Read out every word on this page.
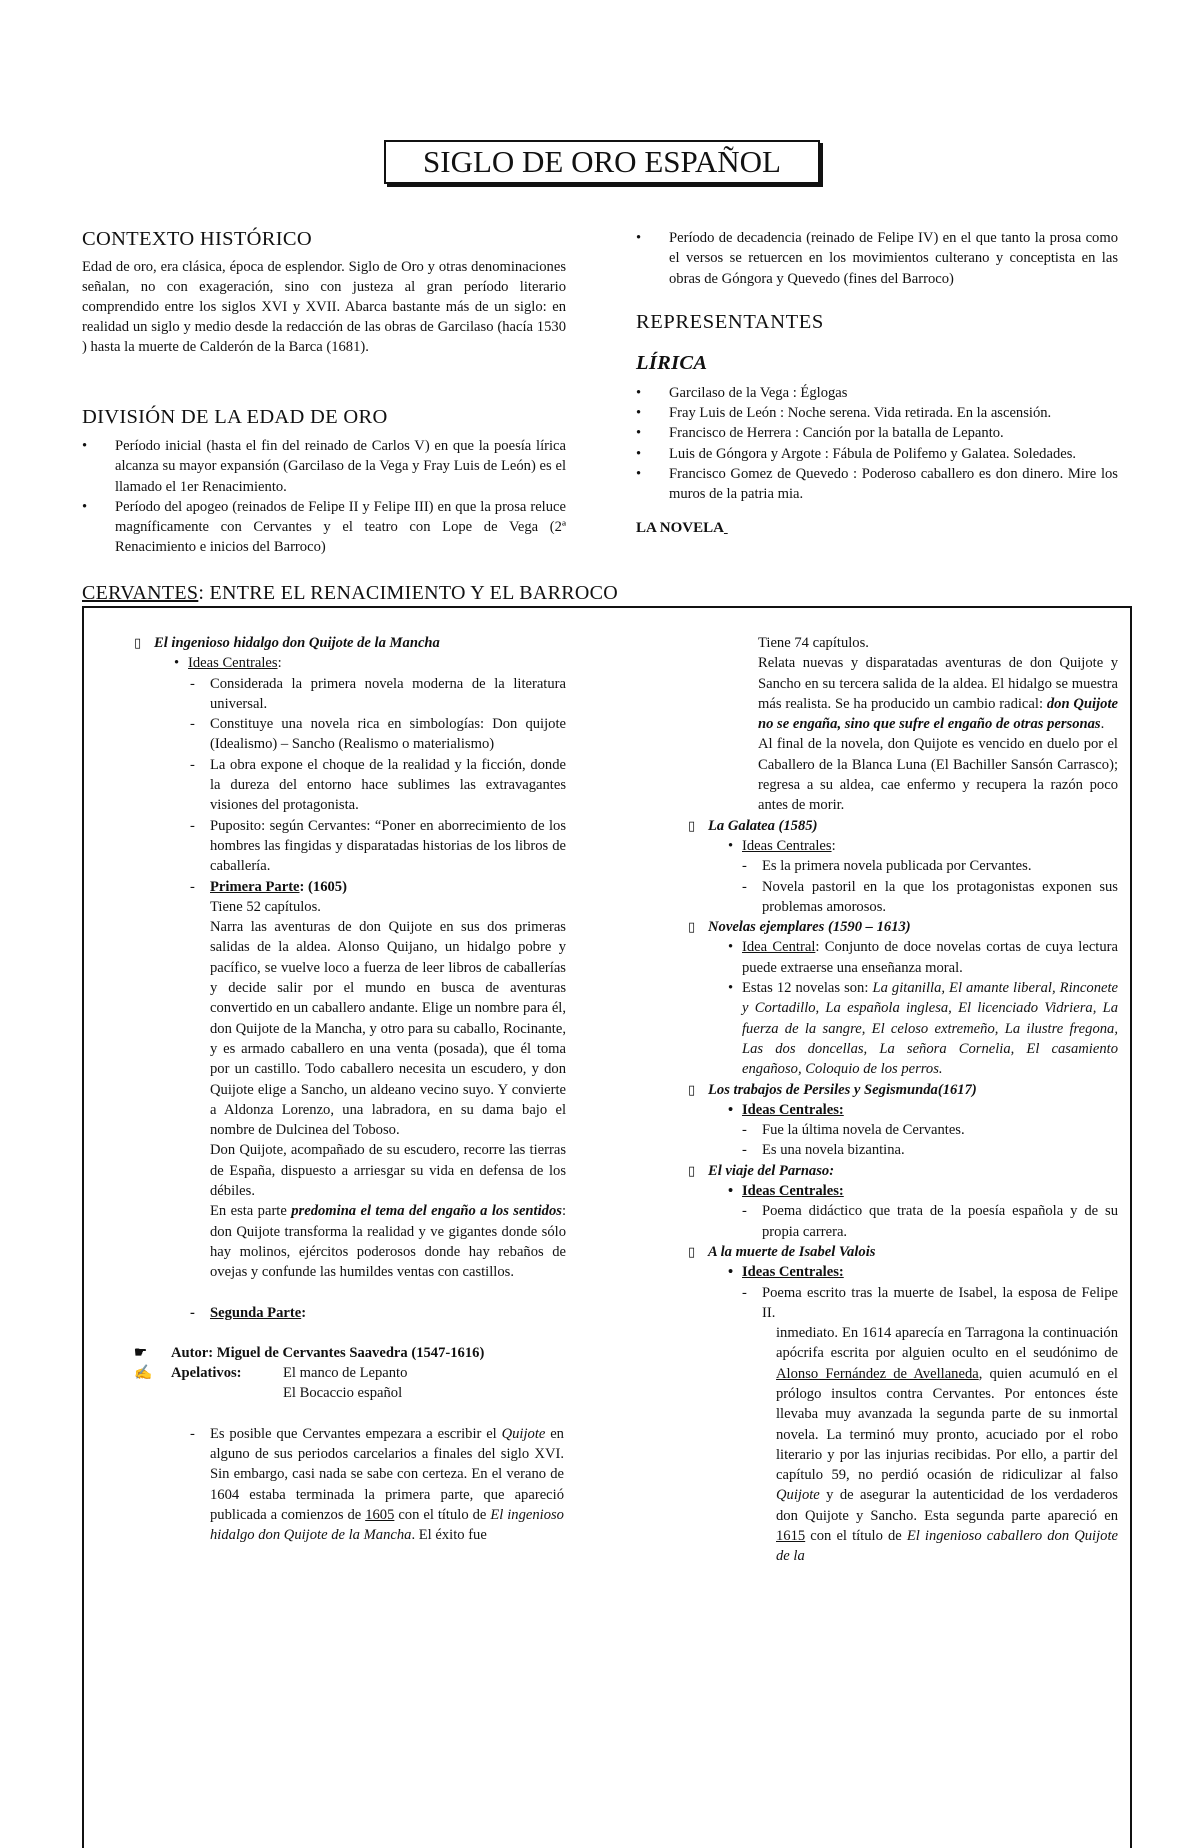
SIGLO DE ORO ESPAÑOL
CONTEXTO HISTÓRICO
Edad de oro, era clásica, época de esplendor. Siglo de Oro y otras denominaciones señalan, no con exageración, sino con justeza al gran período literario comprendido entre los siglos XVI y XVII. Abarca bastante más de un siglo: en realidad un siglo y medio desde la redacción de las obras de Garcilaso (hacía 1530 ) hasta la muerte de Calderón de la Barca (1681).
DIVISIÓN DE LA EDAD DE ORO
• Período inicial (hasta el fin del reinado de Carlos V) en que la poesía lírica alcanza su mayor expansión (Garcilaso de la Vega y Fray Luis de León) es el llamado el 1er Renacimiento.
• Período del apogeo (reinados de Felipe II y Felipe III) en que la prosa reluce magníficamente con Cervantes y el teatro con Lope de Vega (2ª Renacimiento e inicios del Barroco)
• Período de decadencia (reinado de Felipe IV) en el que tanto la prosa como el versos se retuercen en los movimientos culterano y conceptista en las obras de Góngora y Quevedo (fines del Barroco)
REPRESENTANTES
LÍRICA
• Garcilaso de la Vega : Églogas
• Fray Luis de León : Noche serena. Vida retirada. En la ascensión.
• Francisco de Herrera : Canción por la batalla de Lepanto.
• Luis de Góngora y Argote : Fábula de Polifemo y Galatea. Soledades.
• Francisco Gomez de Quevedo : Poderoso caballero es don dinero. Mire los muros de la patria mia.
LA NOVELA
CERVANTES: ENTRE EL RENACIMIENTO Y EL BARROCO
▯ El ingenioso hidalgo don Quijote de la Mancha
• Ideas Centrales:
- Considerada la primera novela moderna de la literatura universal.
- Constituye una novela rica en simbologías: Don quijote (Idealismo) – Sancho (Realismo o materialismo)
- La obra expone el choque de la realidad y la ficción, donde la dureza del entorno hace sublimes las extravagantes visiones del protagonista.
- Puposito: según Cervantes: “Poner en aborrecimiento de los hombres las fingidas y disparatadas historias de los libros de caballería.
- Primera Parte: (1605)
Tiene 52 capítulos.
Narra las aventuras de don Quijote en sus dos primeras salidas de la aldea. Alonso Quijano, un hidalgo pobre y pacífico, se vuelve loco a fuerza de leer libros de caballerías y decide salir por el mundo en busca de aventuras convertido en un caballero andante. Elige un nombre para él, don Quijote de la Mancha, y otro para su caballo, Rocinante, y es armado caballero en una venta (posada), que él toma por un castillo. Todo caballero necesita un escudero, y don Quijote elige a Sancho, un aldeano vecino suyo. Y convierte a Aldonza Lorenzo, una labradora, en su dama bajo el nombre de Dulcinea del Toboso.
Don Quijote, acompañado de su escudero, recorre las tierras de España, dispuesto a arriesgar su vida en defensa de los débiles.
En esta parte predomina el tema del engaño a los sentidos: don Quijote transforma la realidad y ve gigantes donde sólo hay molinos, ejércitos poderosos donde hay rebaños de ovejas y confunde las humildes ventas con castillos.
- Segunda Parte:
☛ Autor: Miguel de Cervantes Saavedra (1547-1616)
✍ Apelativos:	El manco de Lepanto
El Bocaccio español
- Es posible que Cervantes empezara a escribir el Quijote en alguno de sus periodos carcelarios a finales del siglo XVI. Sin embargo, casi nada se sabe con certeza. En el verano de 1604 estaba terminada la primera parte, que apareció publicada a comienzos de 1605 con el título de El ingenioso hidalgo don Quijote de la Mancha. El éxito fue
Tiene 74 capítulos.
Relata nuevas y disparatadas aventuras de don Quijote y Sancho en su tercera salida de la aldea. El hidalgo se muestra más realista. Se ha producido un cambio radical: don Quijote no se engaña, sino que sufre el engaño de otras personas.
Al final de la novela, don Quijote es vencido en duelo por el Caballero de la Blanca Luna (El Bachiller Sansón Carrasco); regresa a su aldea, cae enfermo y recupera la razón poco antes de morir.
▯ La Galatea (1585)
• Ideas Centrales:
- Es la primera novela publicada por Cervantes.
- Novela pastoril en la que los protagonistas exponen sus problemas amorosos.
▯ Novelas ejemplares (1590 – 1613)
• Idea Central: Conjunto de doce novelas cortas de cuya lectura puede extraerse una enseñanza moral.
• Estas 12 novelas son: La gitanilla, El amante liberal, Rinconete y Cortadillo, La española inglesa, El licenciado Vidriera, La fuerza de la sangre, El celoso extremeño, La ilustre fregona, Las dos doncellas, La señora Cornelia, El casamiento engañoso, Coloquio de los perros.
▯ Los trabajos de Persiles y Segismunda(1617)
• Ideas Centrales:
- Fue la última novela de Cervantes.
- Es una novela bizantina.
▯ El viaje del Parnaso:
• Ideas Centrales:
- Poema didáctico que trata de la poesía española y de su propia carrera.
▯ A la muerte de Isabel Valois
• Ideas Centrales:
- Poema escrito tras la muerte de Isabel, la esposa de Felipe II.
inmediato. En 1614 aparecía en Tarragona la continuación apócrifa escrita por alguien oculto en el seudónimo de Alonso Fernández de Avellaneda, quien acumuló en el prólogo insultos contra Cervantes. Por entonces éste llevaba muy avanzada la segunda parte de su inmortal novela. La terminó muy pronto, acuciado por el robo literario y por las injurias recibidas. Por ello, a partir del capítulo 59, no perdió ocasión de ridiculizar al falso Quijote y de asegurar la autenticidad de los verdaderos don Quijote y Sancho. Esta segunda parte apareció en 1615 con el título de El ingenioso caballero don Quijote de la
